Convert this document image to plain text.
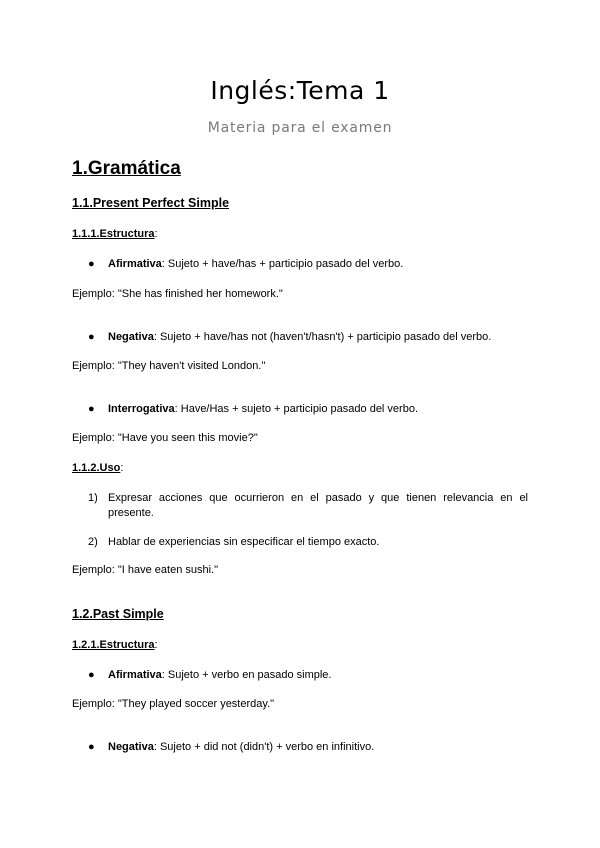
Inglés:Tema 1
Materia para el examen
1.Gramática
1.1.Present Perfect Simple
1.1.1.Estructura:
● Afirmativa: Sujeto + have/has + participio pasado del verbo.
Ejemplo: "She has finished her homework."
● Negativa: Sujeto + have/has not (haven't/hasn't) + participio pasado del verbo.
Ejemplo: "They haven't visited London."
● Interrogativa: Have/Has + sujeto + participio pasado del verbo.
Ejemplo: "Have you seen this movie?"
1.1.2.Uso:
1) Expresar acciones que ocurrieron en el pasado y que tienen relevancia en el presente.
2) Hablar de experiencias sin especificar el tiempo exacto.
Ejemplo: "I have eaten sushi."
1.2.Past Simple
1.2.1.Estructura:
● Afirmativa: Sujeto + verbo en pasado simple.
Ejemplo: "They played soccer yesterday."
● Negativa: Sujeto + did not (didn't) + verbo en infinitivo.
